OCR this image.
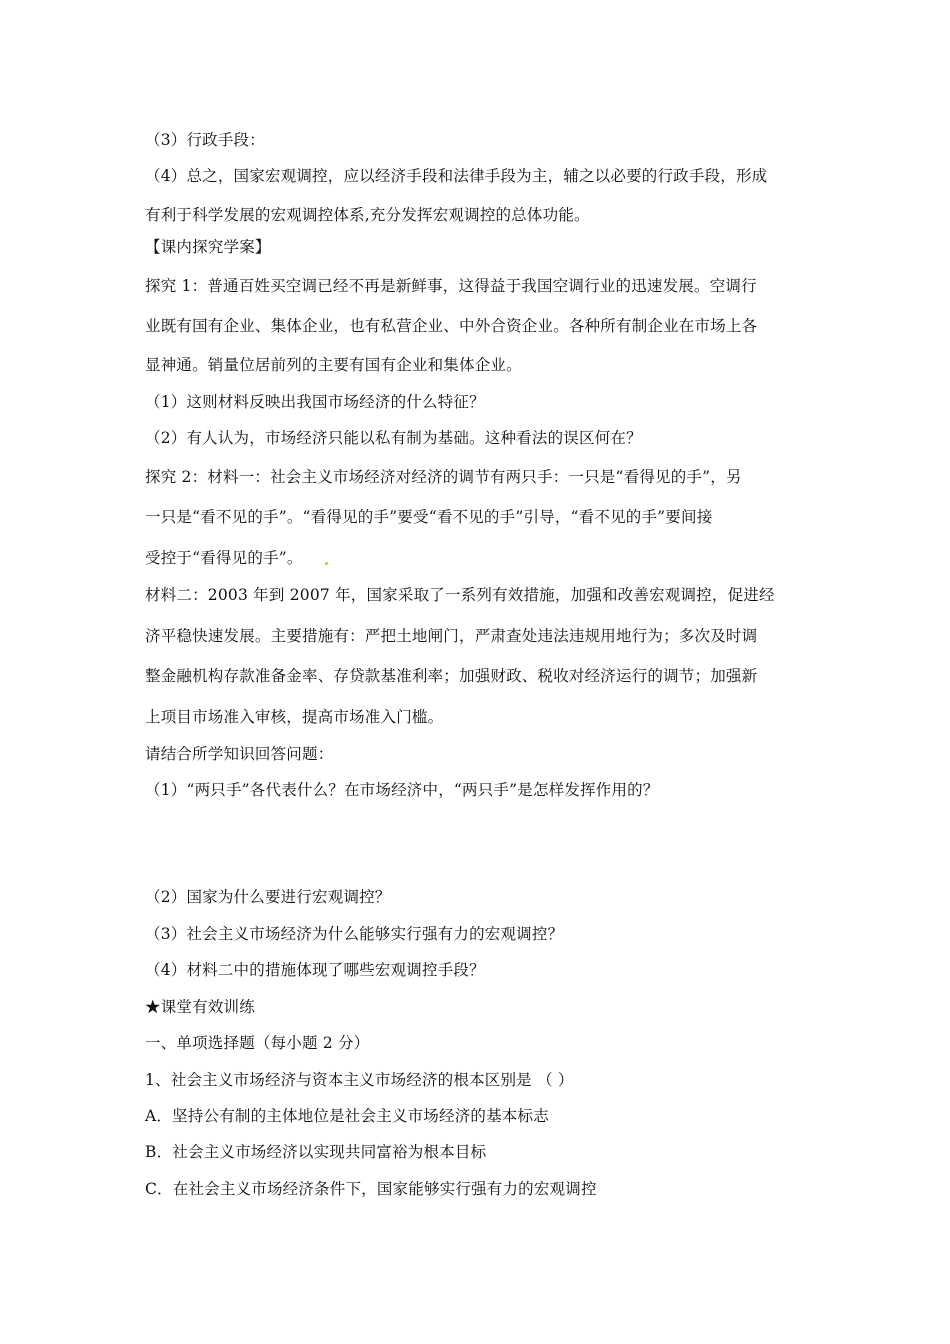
（3）行政手段：
（4）总之，国家宏观调控，应以经济手段和法律手段为主，辅之以必要的行政手段，形成
有利于科学发展的宏观调控体系,充分发挥宏观调控的总体功能。
【课内探究学案】
探究 1：普通百姓买空调已经不再是新鲜事，这得益于我国空调行业的迅速发展。空调行
业既有国有企业、集体企业，也有私营企业、中外合资企业。各种所有制企业在市场上各
显神通。销量位居前列的主要有国有企业和集体企业。
（1）这则材料反映出我国市场经济的什么特征？
（2）有人认为，市场经济只能以私有制为基础。这种看法的误区何在？
探究 2：材料一：社会主义市场经济对经济的调节有两只手：一只是“看得见的手”，另
一只是“看不见的手”。“看得见的手”要受“看不见的手”引导，“看不见的手”要间接
受控于“看得见的手”。
材料二：2003 年到 2007 年，国家采取了一系列有效措施，加强和改善宏观调控，促进经
济平稳快速发展。主要措施有：严把土地闸门，严肃查处违法违规用地行为；多次及时调
整金融机构存款准备金率、存贷款基准利率；加强财政、税收对经济运行的调节；加强新
上项目市场准入审核，提高市场准入门槛。
请结合所学知识回答问题：
（1）“两只手”各代表什么？在市场经济中，“两只手”是怎样发挥作用的？
（2）国家为什么要进行宏观调控？
（3）社会主义市场经济为什么能够实行强有力的宏观调控？
（4）材料二中的措施体现了哪些宏观调控手段？
★课堂有效训练
一、单项选择题（每小题 2 分）
1、社会主义市场经济与资本主义市场经济的根本区别是 （ ）
A．坚持公有制的主体地位是社会主义市场经济的基本标志
B．社会主义市场经济以实现共同富裕为根本目标
C．在社会主义市场经济条件下，国家能够实行强有力的宏观调控
